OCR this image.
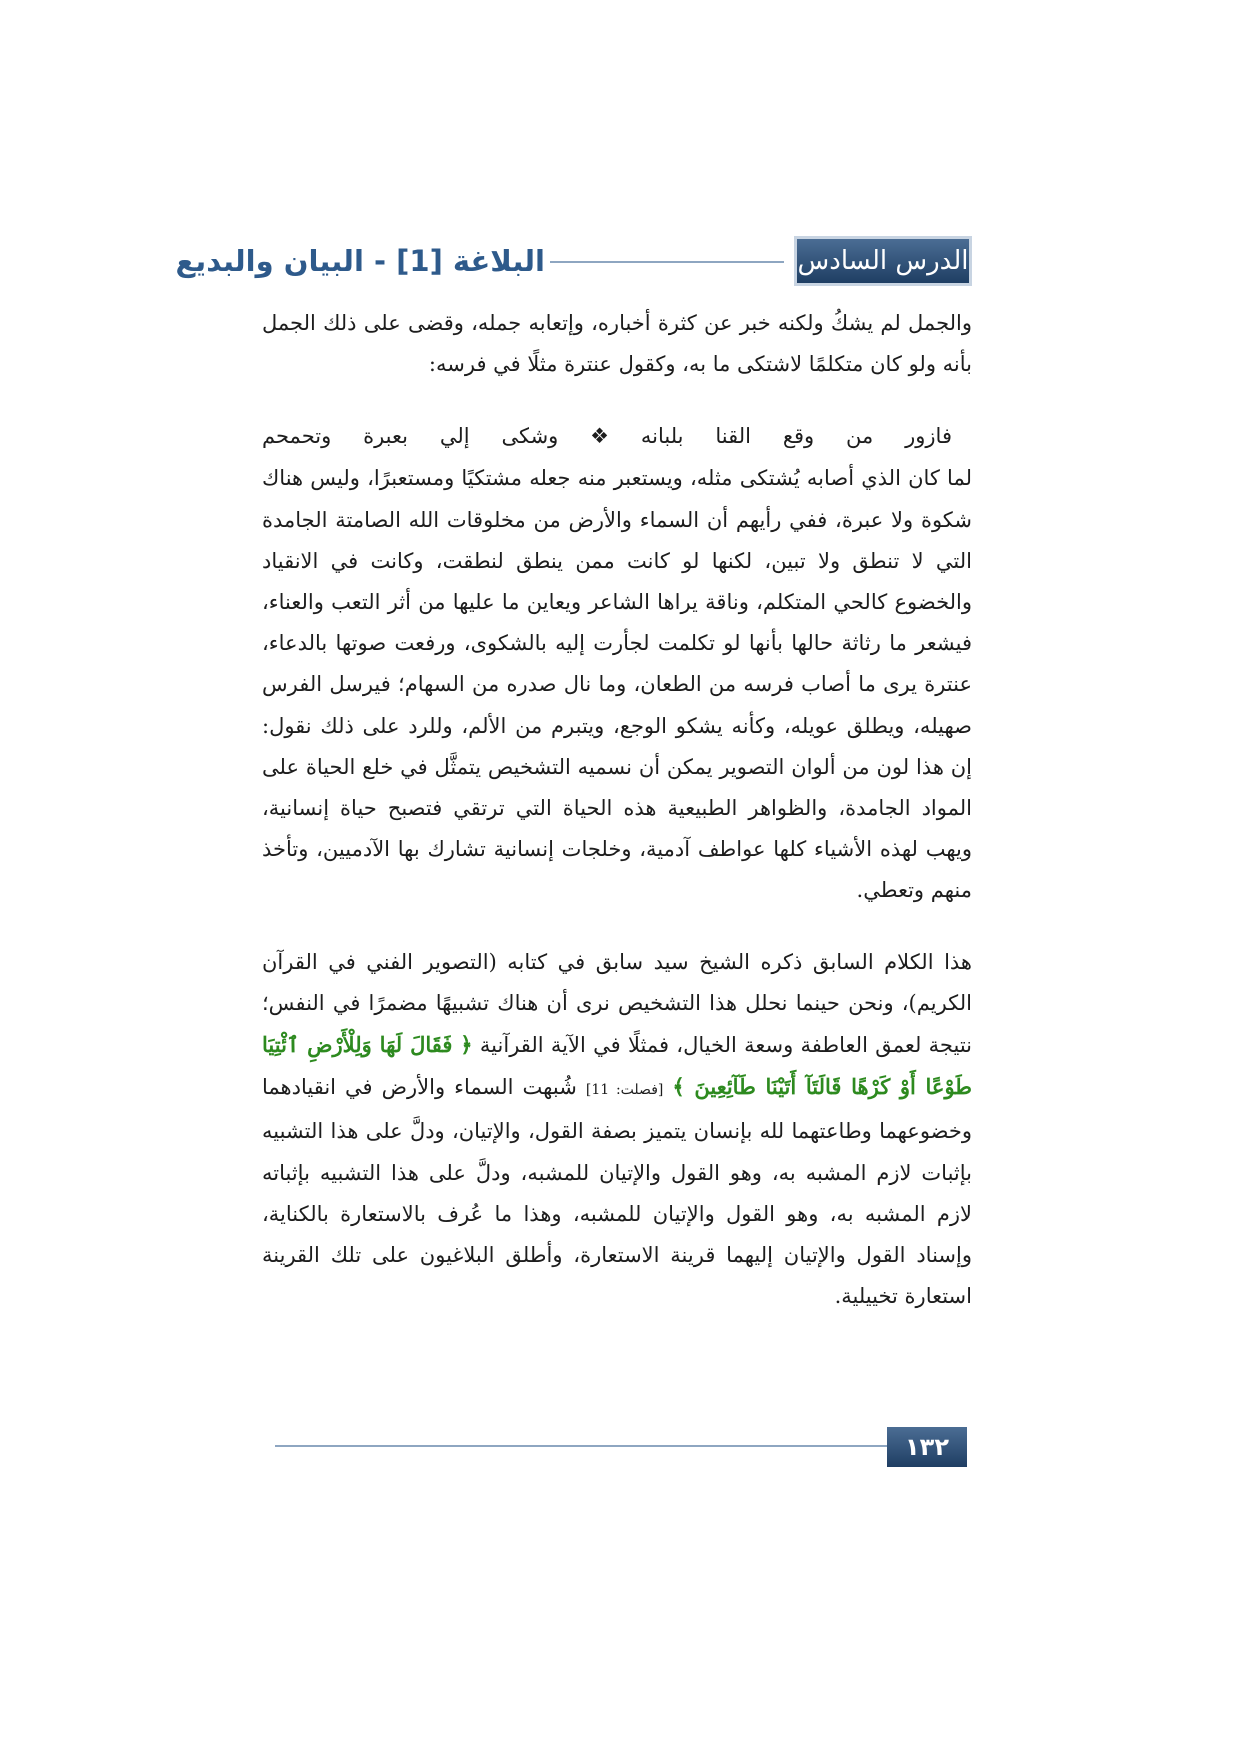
الدرس السادس
البلاغة [1] - البيان والبديع

والجمل لم يشكُ ولكنه خبر عن كثرة أخباره، وإتعابه جمله، وقضى على ذلك الجمل بأنه ولو كان متكلمًا لاشتكى ما به، وكقول عنترة مثلًا في فرسه:

فازور
من
وقع
القنا
بلبانه
❖
وشكى
إلي
بعبرة
وتحمحم

لما كان الذي أصابه يُشتكى مثله، ويستعبر منه جعله مشتكيًا ومستعبرًا، وليس هناك شكوة ولا عبرة، ففي رأيهم أن السماء والأرض من مخلوقات الله الصامتة الجامدة التي لا تنطق ولا تبين، لكنها لو كانت ممن ينطق لنطقت، وكانت في الانقياد والخضوع كالحي المتكلم، وناقة يراها الشاعر ويعاين ما عليها من أثر التعب والعناء، فيشعر ما رثاثة حالها بأنها لو تكلمت لجأرت إليه بالشكوى، ورفعت صوتها بالدعاء، عنترة يرى ما أصاب فرسه من الطعان، وما نال صدره من السهام؛ فيرسل الفرس صهيله، ويطلق عويله، وكأنه يشكو الوجع، ويتبرم من الألم، وللرد على ذلك نقول: إن هذا لون من ألوان التصوير يمكن أن نسميه التشخيص يتمثَّل في خلع الحياة على المواد الجامدة، والظواهر الطبيعية هذه الحياة التي ترتقي فتصبح حياة إنسانية، ويهب لهذه الأشياء كلها عواطف آدمية، وخلجات إنسانية تشارك بها الآدميين، وتأخذ منهم وتعطي.

هذا الكلام السابق ذكره الشيخ سيد سابق في كتابه (التصوير الفني في القرآن الكريم)، ونحن حينما نحلل هذا التشخيص نرى أن هناك تشبيهًا مضمرًا في النفس؛ نتيجة لعمق العاطفة وسعة الخيال، فمثلًا في الآية القرآنية ﴿ فَقَالَ لَهَا وَلِلْأَرْضِ ٱئْتِيَا طَوْعًا أَوْ كَرْهًا قَالَتَآ أَتَيْنَا طَآئِعِينَ ﴾ [فصلت: 11] شُبهت السماء والأرض في انقيادهما وخضوعهما وطاعتهما لله بإنسان يتميز بصفة القول، والإتيان، ودلَّ على هذا التشبيه بإثبات لازم المشبه به، وهو القول والإتيان للمشبه، ودلَّ على هذا التشبيه بإثباته لازم المشبه به، وهو القول والإتيان للمشبه، وهذا ما عُرف بالاستعارة بالكناية، وإسناد القول والإتيان إليهما قرينة الاستعارة، وأطلق البلاغيون على تلك القرينة استعارة تخييلية.

١٣٢
